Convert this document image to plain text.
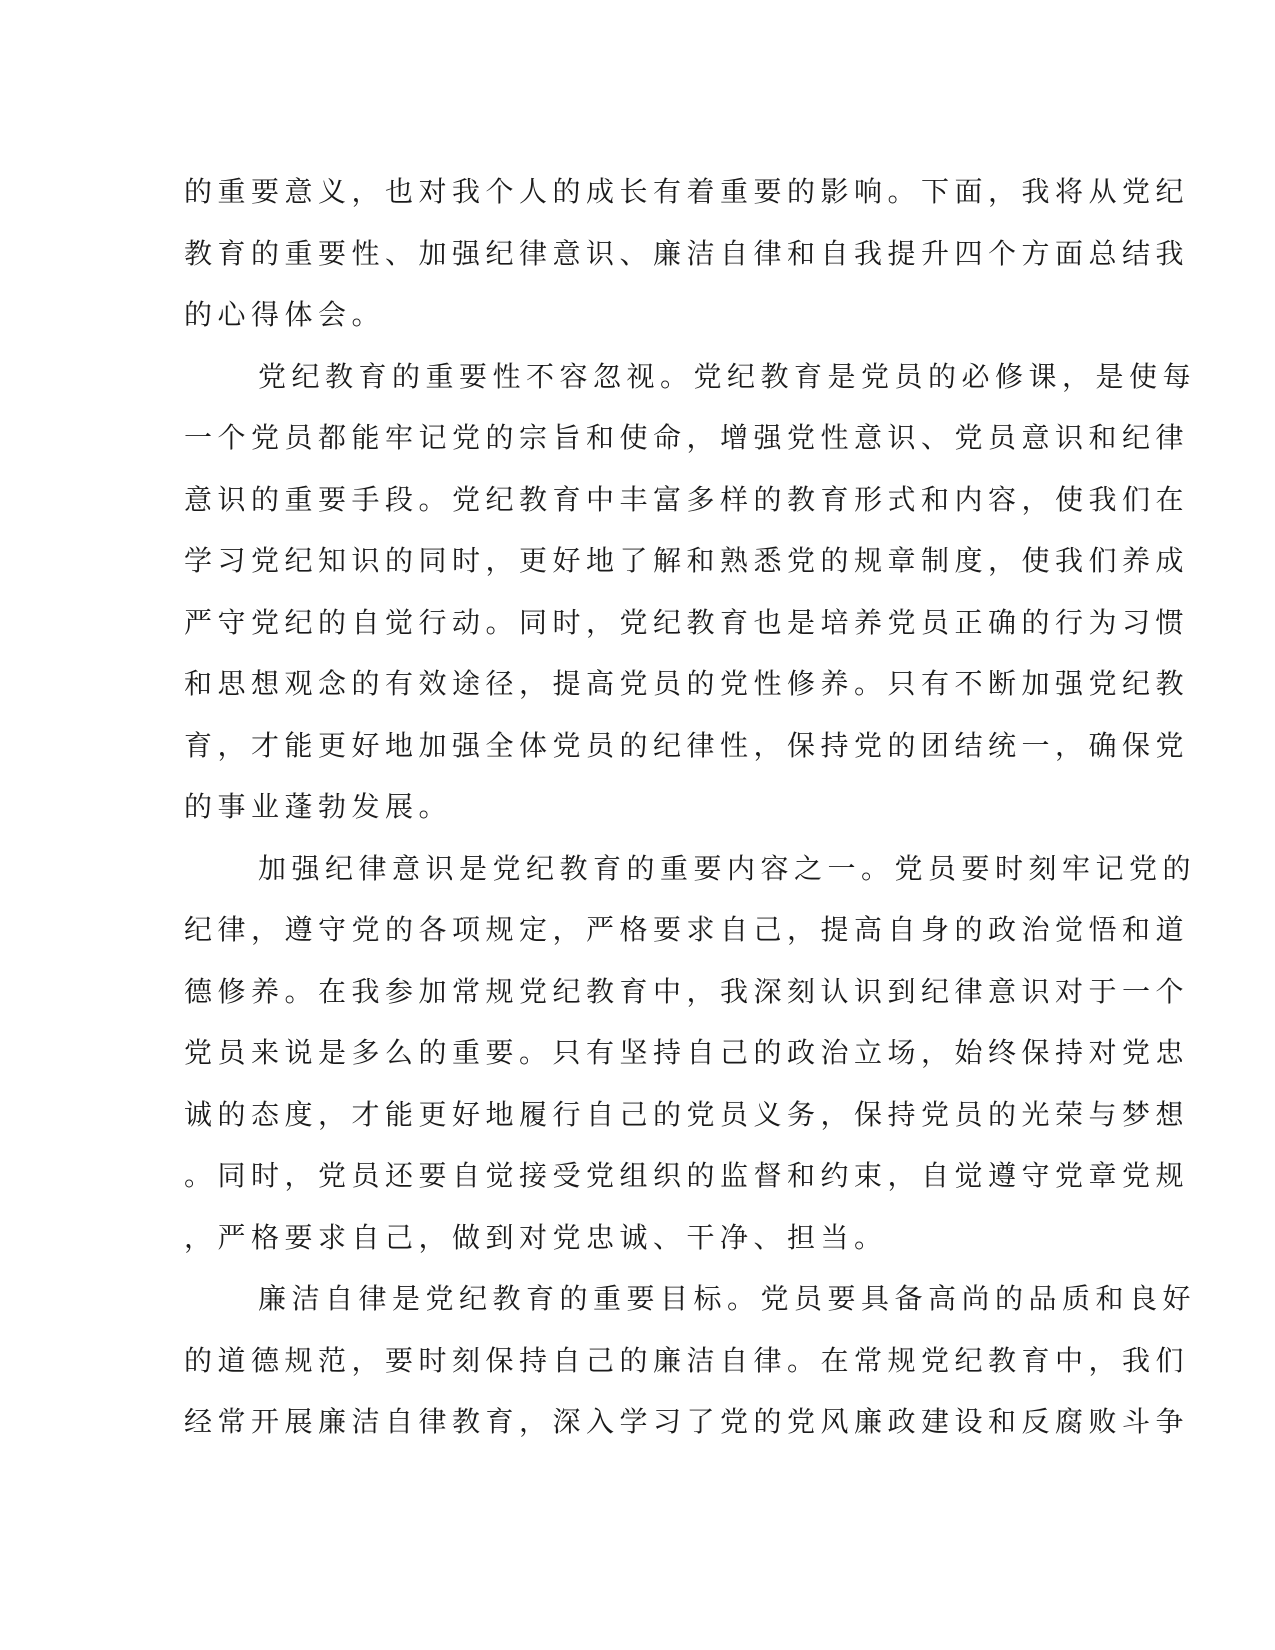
的重要意义，也对我个人的成长有着重要的影响。下面，我将从党纪
教育的重要性、加强纪律意识、廉洁自律和自我提升四个方面总结我
的心得体会。

党纪教育的重要性不容忽视。党纪教育是党员的必修课，是使每
一个党员都能牢记党的宗旨和使命，增强党性意识、党员意识和纪律
意识的重要手段。党纪教育中丰富多样的教育形式和内容，使我们在
学习党纪知识的同时，更好地了解和熟悉党的规章制度，使我们养成
严守党纪的自觉行动。同时，党纪教育也是培养党员正确的行为习惯
和思想观念的有效途径，提高党员的党性修养。只有不断加强党纪教
育，才能更好地加强全体党员的纪律性，保持党的团结统一，确保党
的事业蓬勃发展。

加强纪律意识是党纪教育的重要内容之一。党员要时刻牢记党的
纪律，遵守党的各项规定，严格要求自己，提高自身的政治觉悟和道
德修养。在我参加常规党纪教育中，我深刻认识到纪律意识对于一个
党员来说是多么的重要。只有坚持自己的政治立场，始终保持对党忠
诚的态度，才能更好地履行自己的党员义务，保持党员的光荣与梦想
。同时，党员还要自觉接受党组织的监督和约束，自觉遵守党章党规
，严格要求自己，做到对党忠诚、干净、担当。

廉洁自律是党纪教育的重要目标。党员要具备高尚的品质和良好
的道德规范，要时刻保持自己的廉洁自律。在常规党纪教育中，我们
经常开展廉洁自律教育，深入学习了党的党风廉政建设和反腐败斗争
